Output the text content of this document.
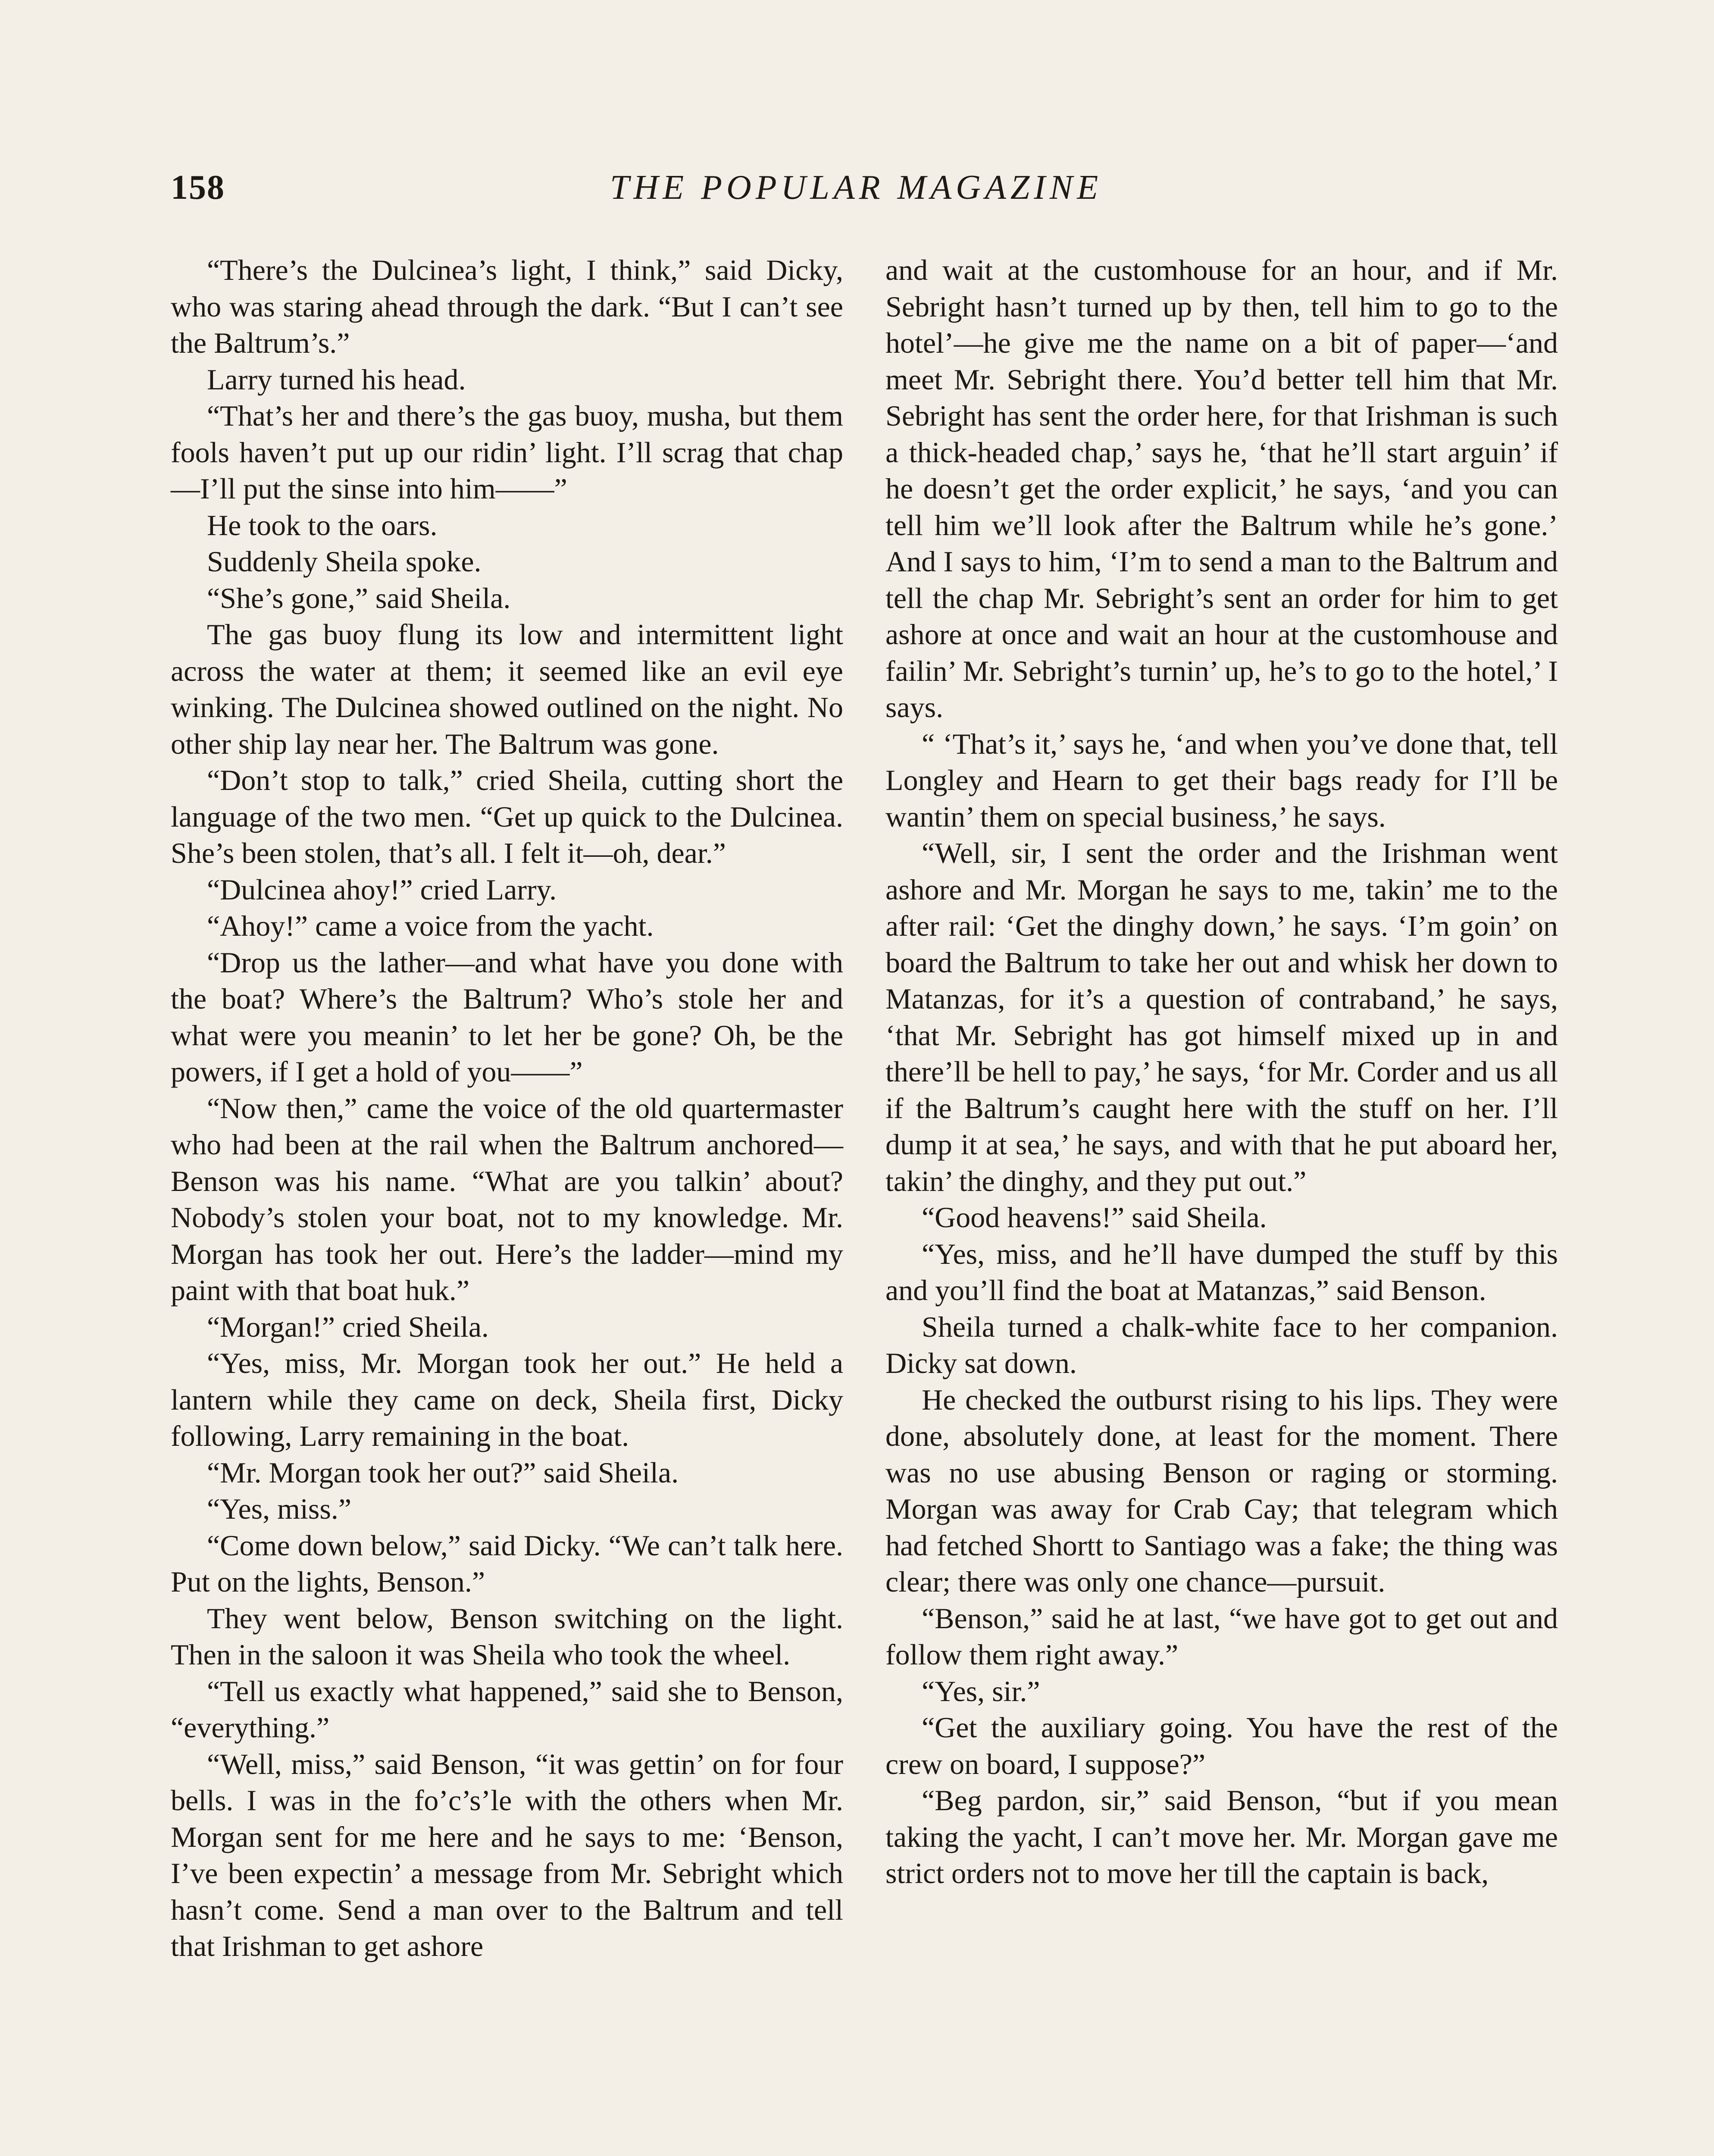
158	THE POPULAR MAGAZINE

“There’s the Dulcinea’s light, I think,” said Dicky, who was staring ahead through the dark. “But I can’t see the Baltrum’s.”

Larry turned his head.

“That’s her and there’s the gas buoy, musha, but them fools haven’t put up our ridin’ light. I’ll scrag that chap—I’ll put the sinse into him——”

He took to the oars.

Suddenly Sheila spoke.

“She’s gone,” said Sheila.

The gas buoy flung its low and intermittent light across the water at them; it seemed like an evil eye winking. The Dulcinea showed outlined on the night. No other ship lay near her. The Baltrum was gone.

“Don’t stop to talk,” cried Sheila, cutting short the language of the two men. “Get up quick to the Dulcinea. She’s been stolen, that’s all. I felt it—oh, dear.”

“Dulcinea ahoy!” cried Larry.

“Ahoy!” came a voice from the yacht.

“Drop us the lather—and what have you done with the boat? Where’s the Baltrum? Who’s stole her and what were you meanin’ to let her be gone? Oh, be the powers, if I get a hold of you——”

“Now then,” came the voice of the old quartermaster who had been at the rail when the Baltrum anchored—Benson was his name. “What are you talkin’ about? Nobody’s stolen your boat, not to my knowledge. Mr. Morgan has took her out. Here’s the ladder—mind my paint with that boat huk.”

“Morgan!” cried Sheila.

“Yes, miss, Mr. Morgan took her out.” He held a lantern while they came on deck, Sheila first, Dicky following, Larry remaining in the boat.

“Mr. Morgan took her out?” said Sheila.

“Yes, miss.”

“Come down below,” said Dicky. “We can’t talk here. Put on the lights, Benson.”

They went below, Benson switching on the light. Then in the saloon it was Sheila who took the wheel.

“Tell us exactly what happened,” said she to Benson, “everything.”

“Well, miss,” said Benson, “it was gettin’ on for four bells. I was in the fo’c’s’le with the others when Mr. Morgan sent for me here and he says to me: ‘Benson, I’ve been expectin’ a message from Mr. Sebright which hasn’t come. Send a man over to the Baltrum and tell that Irishman to get ashore

and wait at the customhouse for an hour, and if Mr. Sebright hasn’t turned up by then, tell him to go to the hotel’—he give me the name on a bit of paper—‘and meet Mr. Sebright there. You’d better tell him that Mr. Sebright has sent the order here, for that Irishman is such a thick-headed chap,’ says he, ‘that he’ll start arguin’ if he doesn’t get the order explicit,’ he says, ‘and you can tell him we’ll look after the Baltrum while he’s gone.’ And I says to him, ‘I’m to send a man to the Baltrum and tell the chap Mr. Sebright’s sent an order for him to get ashore at once and wait an hour at the customhouse and failin’ Mr. Sebright’s turnin’ up, he’s to go to the hotel,’ I says.

“ ‘That’s it,’ says he, ‘and when you’ve done that, tell Longley and Hearn to get their bags ready for I’ll be wantin’ them on special business,’ he says.

“Well, sir, I sent the order and the Irishman went ashore and Mr. Morgan he says to me, takin’ me to the after rail: ‘Get the dinghy down,’ he says. ‘I’m goin’ on board the Baltrum to take her out and whisk her down to Matanzas, for it’s a question of contraband,’ he says, ‘that Mr. Sebright has got himself mixed up in and there’ll be hell to pay,’ he says, ‘for Mr. Corder and us all if the Baltrum’s caught here with the stuff on her. I’ll dump it at sea,’ he says, and with that he put aboard her, takin’ the dinghy, and they put out.”

“Good heavens!” said Sheila.

“Yes, miss, and he’ll have dumped the stuff by this and you’ll find the boat at Matanzas,” said Benson.

Sheila turned a chalk-white face to her companion. Dicky sat down.

He checked the outburst rising to his lips. They were done, absolutely done, at least for the moment. There was no use abusing Benson or raging or storming. Morgan was away for Crab Cay; that telegram which had fetched Shortt to Santiago was a fake; the thing was clear; there was only one chance—pursuit.

“Benson,” said he at last, “we have got to get out and follow them right away.”

“Yes, sir.”

“Get the auxiliary going. You have the rest of the crew on board, I suppose?”

“Beg pardon, sir,” said Benson, “but if you mean taking the yacht, I can’t move her. Mr. Morgan gave me strict orders not to move her till the captain is back,
